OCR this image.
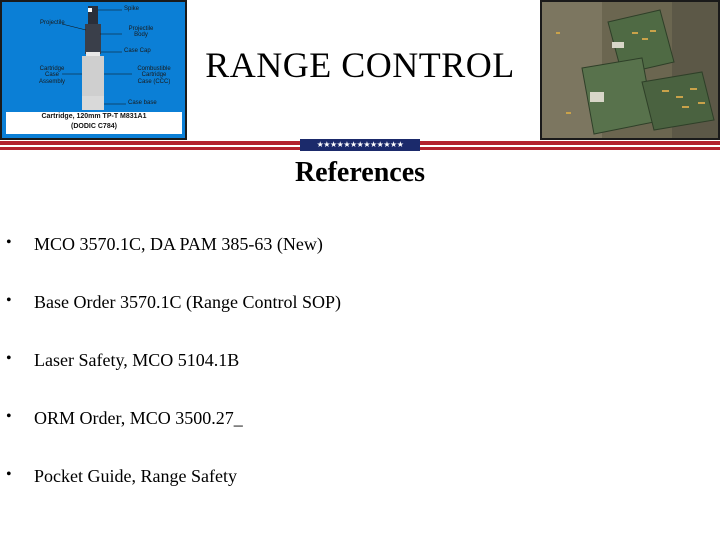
Spike
Projectile
Projectile Body
Case Cap
Cartridge Case Assembly
Combustible Cartridge Case (CCC)
Case base
Cartridge, 120mm TP-T M831A1
(DODIC C784)
RANGE CONTROL
★★★★★★★★★★★★★
References
• MCO 3570.1C, DA PAM 385-63 (New)
• Base Order 3570.1C (Range Control SOP)
• Laser Safety, MCO 5104.1B
• ORM Order, MCO 3500.27_
• Pocket Guide, Range Safety
